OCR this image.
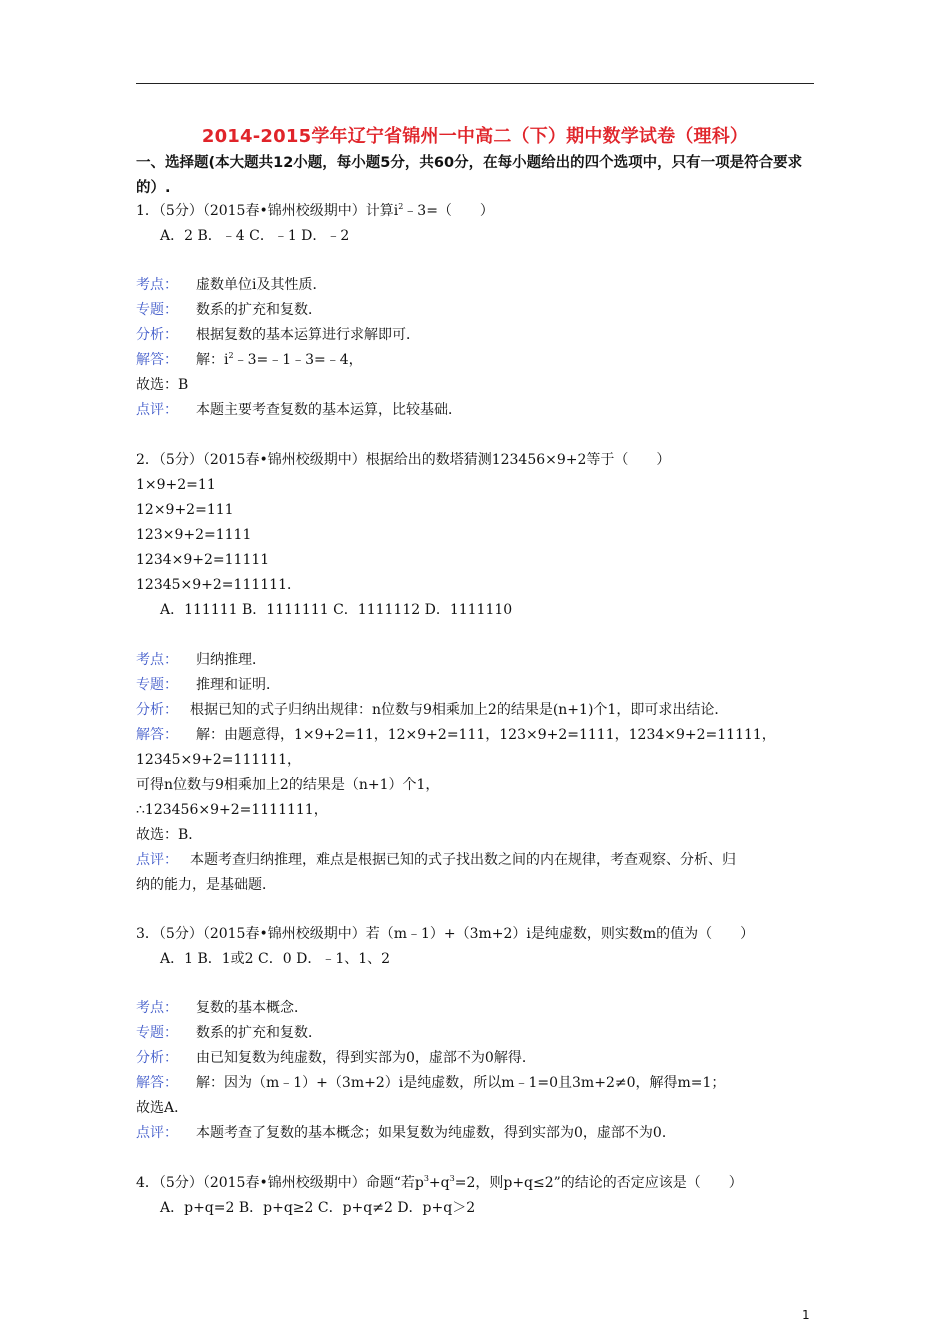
2014-2015学年辽宁省锦州一中高二（下）期中数学试卷（理科）
一、选择题(本大题共12小题，每小题5分，共60分，在每小题给出的四个选项中，只有一项是符合要求的）.
1．（5分）（2015春•锦州校级期中）计算$i^2﹣3=$（　　）
A．2 B．﹣4 C．﹣1 D．﹣2
考点： 虚数单位i及其性质．
专题： 数系的扩充和复数．
分析： 根据复数的基本运算进行求解即可．
解答： 解：$i^2﹣3=﹣1﹣3=﹣4$，
故选：B
点评： 本题主要考查复数的基本运算，比较基础．
2．（5分）（2015春•锦州校级期中）根据给出的数塔猜测123456×9+2等于（　　）
1×9+2=11
12×9+2=111
123×9+2=1111
1234×9+2=11111
12345×9+2=111111．
A．111111 B．1111111 C．1111112 D．1111110
考点： 归纳推理．
专题： 推理和证明．
分析： 根据已知的式子归纳出规律：n位数与9相乘加上2的结果是(n+1)个1，即可求出结论．
解答： 解：由题意得，1×9+2=11，12×9+2=111，123×9+2=1111，1234×9+2=11111，
12345×9+2=111111，
可得n位数与9相乘加上2的结果是（n+1）个1，
∴123456×9+2=1111111，
故选：B．
点评： 本题考查归纳推理，难点是根据已知的式子找出数之间的内在规律，考查观察、分析、归
纳的能力，是基础题．
3．（5分）（2015春•锦州校级期中）若（m﹣1）+（3m+2）i是纯虚数，则实数m的值为（　　）
A．1 B．1或2 C．0 D．﹣1、1、2
考点： 复数的基本概念．
专题： 数系的扩充和复数．
分析： 由已知复数为纯虚数，得到实部为0，虚部不为0解得．
解答： 解：因为（m﹣1）+（3m+2）i是纯虚数，所以m﹣1=0且3m+2≠0，解得m=1；
故选A．
点评： 本题考查了复数的基本概念；如果复数为纯虚数，得到实部为0，虚部不为0．
4．（5分）（2015春•锦州校级期中）命题“若$p^3+q^3=2$，则p+q≤2”的结论的否定应该是（　　）
A．p+q=2 B．p+q≥2 C．p+q≠2 D．p+q＞2
1
